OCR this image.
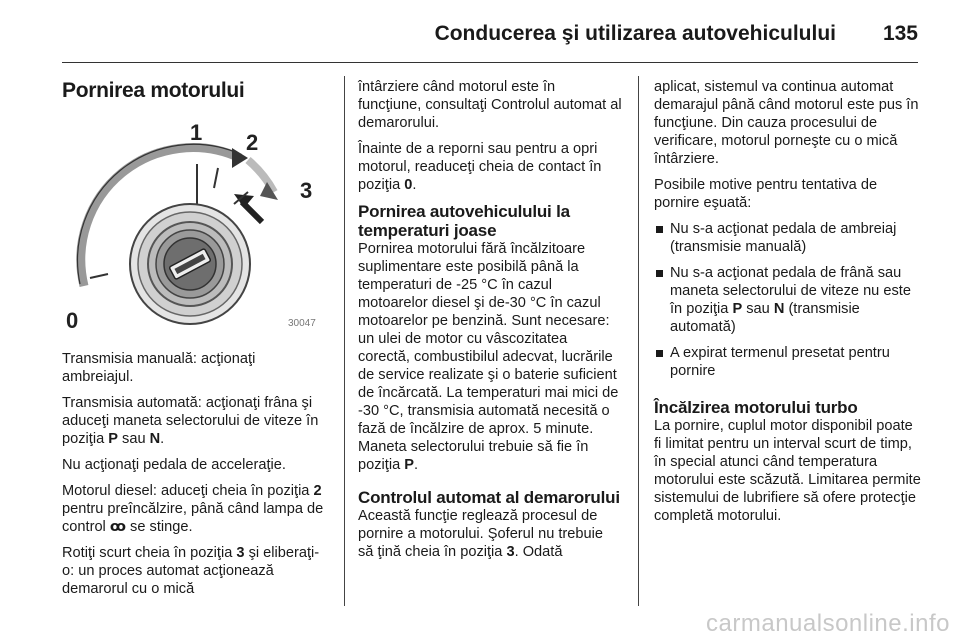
Conducerea şi utilizarea autovehiculului 135
Pornirea motorului
1 2
3
0	30047

Transmisia manuală: acţionaţi ambreiajul.

Transmisia automată: acţionaţi frâna şi aduceţi maneta selectorului de viteze în poziţia P sau N.

Nu acţionaţi pedala de acceleraţie.

Motorul diesel: aduceţi cheia în poziţia 2 pentru preîncălzire, până când lampa de control ꝏ se stinge.

Rotiţi scurt cheia în poziţia 3 şi eliberaţi-o: un proces automat acţionează demarorul cu o mică

întârziere când motorul este în funcţiune, consultaţi Controlul automat al demarorului.

Înainte de a reporni sau pentru a opri motorul, readuceţi cheia de contact în poziţia 0.

Pornirea autovehiculului la temperaturi joase

Pornirea motorului fără încălzitoare suplimentare este posibilă până la temperaturi de -25 °C în cazul motoarelor diesel şi de-30 °C în cazul motoarelor pe benzină. Sunt necesare: un ulei de motor cu vâscozitatea corectă, combustibilul adecvat, lucrările de service realizate şi o baterie suficient de încărcată. La temperaturi mai mici de -30 °C, transmisia automată necesită o fază de încălzire de aprox. 5 minute. Maneta selectorului trebuie să fie în poziţia P.

Controlul automat al demarorului

Această funcţie reglează procesul de pornire a motorului. Şoferul nu trebuie să ţină cheia în poziţia 3. Odată

aplicat, sistemul va continua automat demarajul până când motorul este pus în funcţiune. Din cauza procesului de verificare, motorul porneşte cu o mică întârziere.

Posibile motive pentru tentativa de pornire eşuată:

Nu s-a acţionat pedala de ambreiaj (transmisie manuală)
Nu s-a acţionat pedala de frână sau maneta selectorului de viteze nu este în poziţia P sau N (transmisie automată)
A expirat termenul presetat pentru pornire
Încălzirea motorului turbo

La pornire, cuplul motor disponibil poate fi limitat pentru un interval scurt de timp, în special atunci când temperatura motorului este scăzută. Limitarea permite sistemului de lubrifiere să ofere protecţie completă motorului.

carmanualsonline.info
